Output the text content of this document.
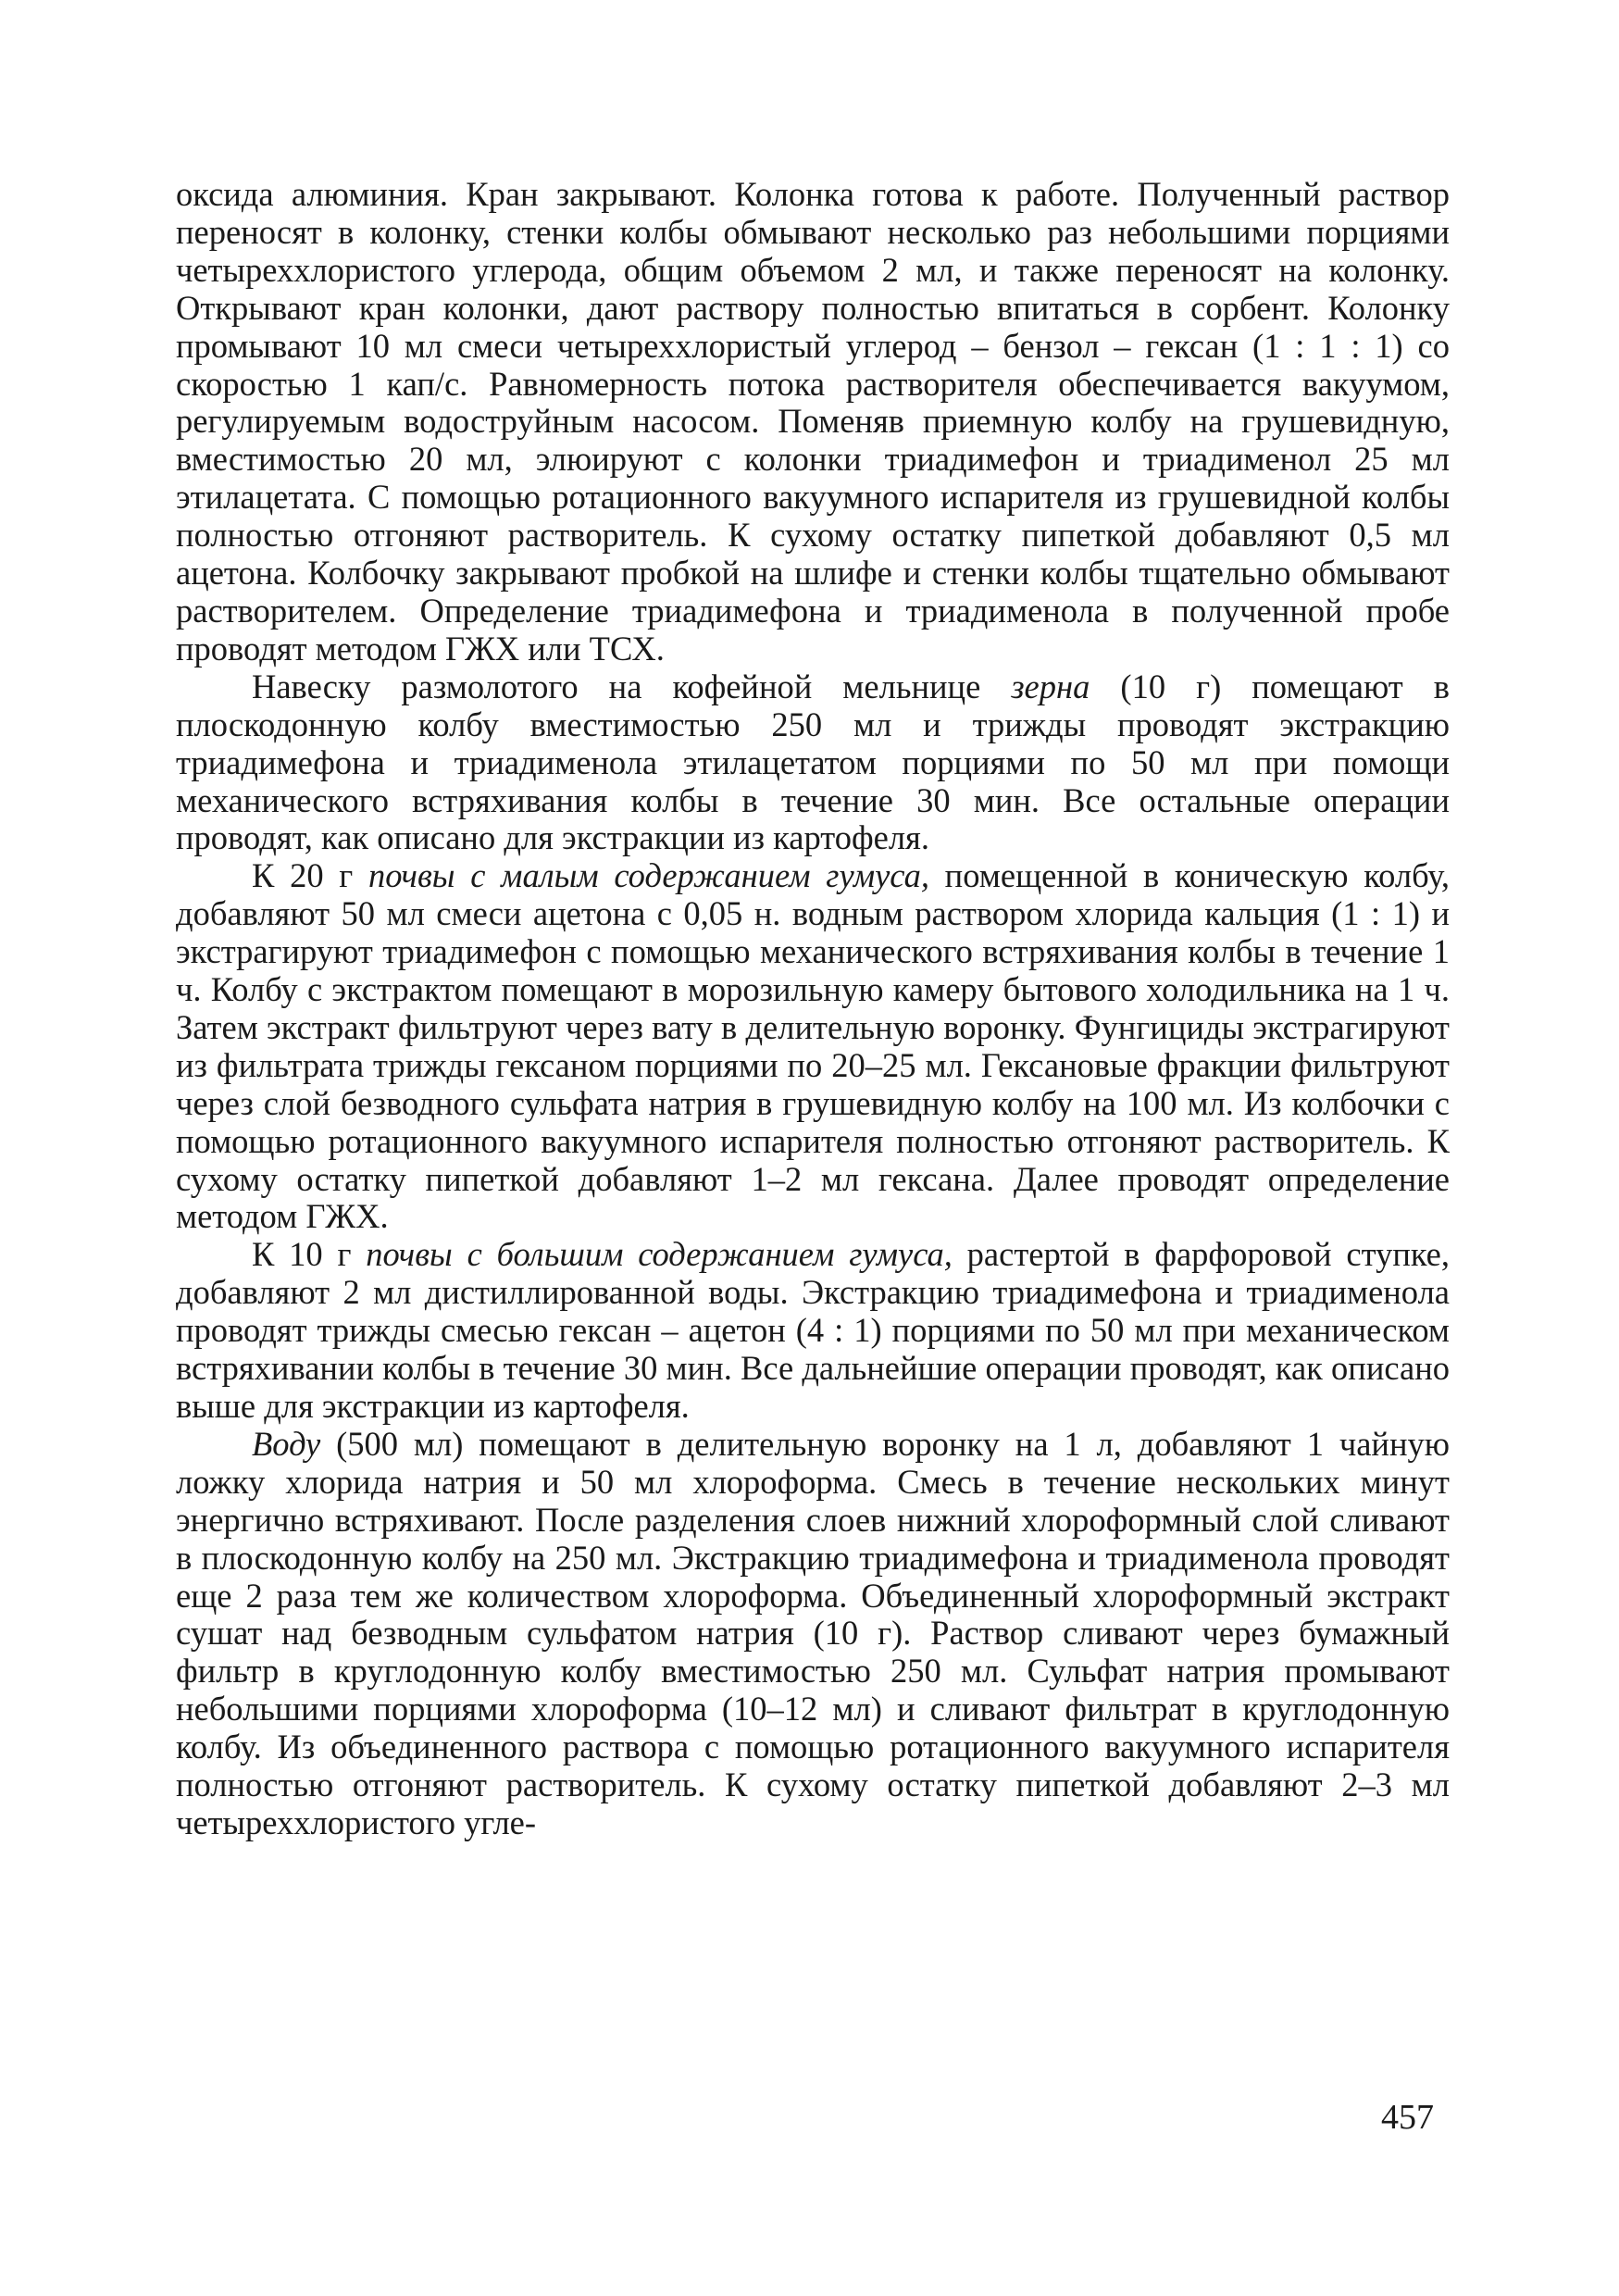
оксида алюминия. Кран закрывают. Колонка готова к работе. Полученный раствор переносят в колонку, стенки колбы обмывают несколько раз небольшими порциями четыреххлористого углерода, общим объемом 2 мл, и также переносят на колонку. Открывают кран колонки, дают раствору полностью впитаться в сорбент. Колонку промывают 10 мл смеси четыреххлористый углерод – бензол – гексан (1 : 1 : 1) со скоростью 1 кап/с. Равномерность потока растворителя обеспечивается вакуумом, регулируемым водоструйным насосом. Поменяв приемную колбу на грушевидную, вместимостью 20 мл, элюируют с колонки триадимефон и триадименол 25 мл этилацетата. С помощью ротационного вакуумного испарителя из грушевидной колбы полностью отгоняют растворитель. К сухому остатку пипеткой добавляют 0,5 мл ацетона. Колбочку закрывают пробкой на шлифе и стенки колбы тщательно обмывают растворителем. Определение триадимефона и триадименола в полученной пробе проводят методом ГЖХ или ТСХ.

Навеску размолотого на кофейной мельнице зерна (10 г) помещают в плоскодонную колбу вместимостью 250 мл и трижды проводят экстракцию триадимефона и триадименола этилацетатом порциями по 50 мл при помощи механического встряхивания колбы в течение 30 мин. Все остальные операции проводят, как описано для экстракции из картофеля.

К 20 г почвы с малым содержанием гумуса, помещенной в коническую колбу, добавляют 50 мл смеси ацетона с 0,05 н. водным раствором хлорида кальция (1 : 1) и экстрагируют триадимефон с помощью механического встряхивания колбы в течение 1 ч. Колбу с экстрактом помещают в морозильную камеру бытового холодильника на 1 ч. Затем экстракт фильтруют через вату в делительную воронку. Фунгициды экстрагируют из фильтрата трижды гексаном порциями по 20–25 мл. Гексановые фракции фильтруют через слой безводного сульфата натрия в грушевидную колбу на 100 мл. Из колбочки с помощью ротационного вакуумного испарителя полностью отгоняют растворитель. К сухому остатку пипеткой добавляют 1–2 мл гексана. Далее проводят определение методом ГЖХ.

К 10 г почвы с большим содержанием гумуса, растертой в фарфоровой ступке, добавляют 2 мл дистиллированной воды. Экстракцию триадимефона и триадименола проводят трижды смесью гексан – ацетон (4 : 1) порциями по 50 мл при механическом встряхивании колбы в течение 30 мин. Все дальнейшие операции проводят, как описано выше для экстракции из картофеля.

Воду (500 мл) помещают в делительную воронку на 1 л, добавляют 1 чайную ложку хлорида натрия и 50 мл хлороформа. Смесь в течение нескольких минут энергично встряхивают. После разделения слоев нижний хлороформный слой сливают в плоскодонную колбу на 250 мл. Экстракцию триадимефона и триадименола проводят еще 2 раза тем же количеством хлороформа. Объединенный хлороформный экстракт сушат над безводным сульфатом натрия (10 г). Раствор сливают через бумажный фильтр в круглодонную колбу вместимостью 250 мл. Сульфат натрия промывают небольшими порциями хлороформа (10–12 мл) и сливают фильтрат в круглодонную колбу. Из объединенного раствора с помощью ротационного вакуумного испарителя полностью отгоняют растворитель. К сухому остатку пипеткой добавляют 2–3 мл четыреххлористого угле-

457
